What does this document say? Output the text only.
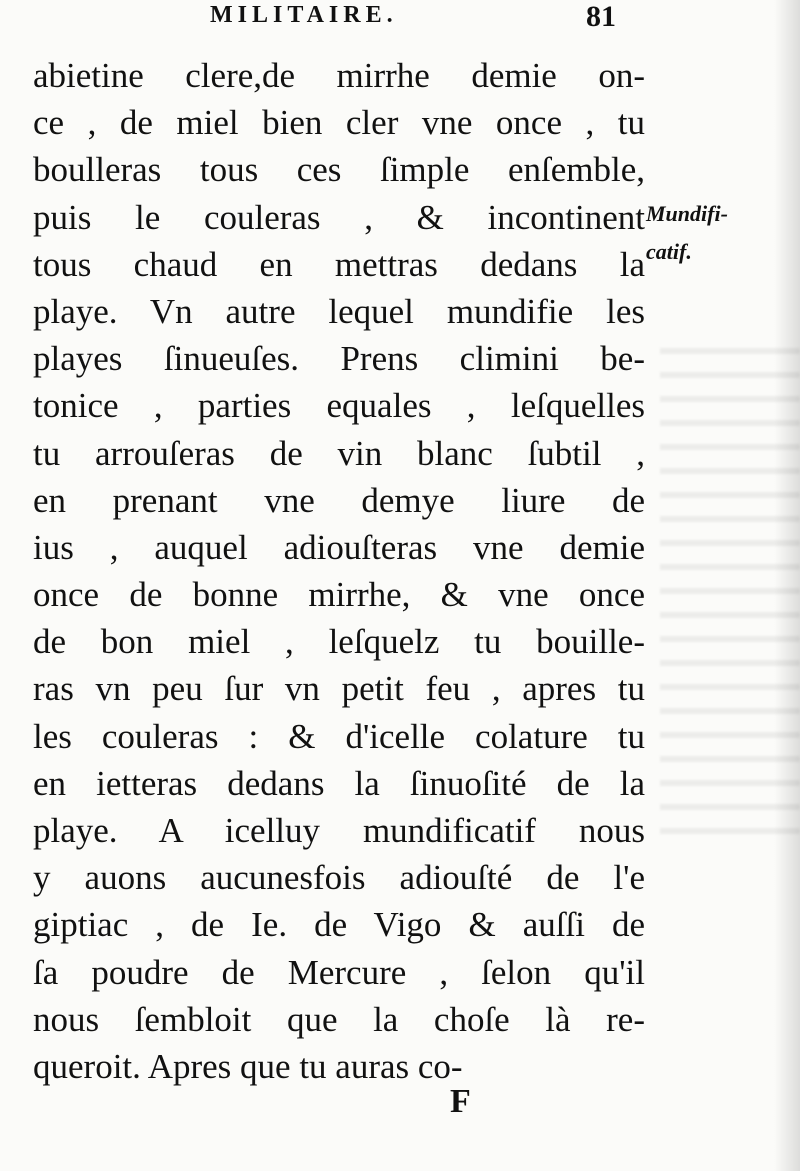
MILITAIRE.	81
abietine clere,de mirrhe demie on-
ce , de miel bien cler vne once , tu
boulleras tous ces ſimple enſemble,
puis le couleras , & incontinent
tous chaud en mettras dedans la
playe. Vn autre lequel mundifie les
playes ſinueuſes. Prens climini be-
tonice , parties equales , leſquelles
tu arrouſeras de vin blanc ſubtil ,
en prenant vne demye liure de
ius , auquel adiouſteras vne demie
once de bonne mirrhe, & vne once
de bon miel , leſquelz tu bouille-
ras vn peu ſur vn petit feu , apres tu
les couleras : & d'icelle colature tu
en ietteras dedans la ſinuoſité de la
playe. A icelluy mundificatif nous
y auons aucunesfois adiouſté de l'e
giptiac , de Ie. de Vigo & auſſi de
ſa poudre de Mercure , ſelon qu'il
nous ſembloit que la choſe là re-
queroit. Apres que tu auras co-
Mundifi-
catif.
F
